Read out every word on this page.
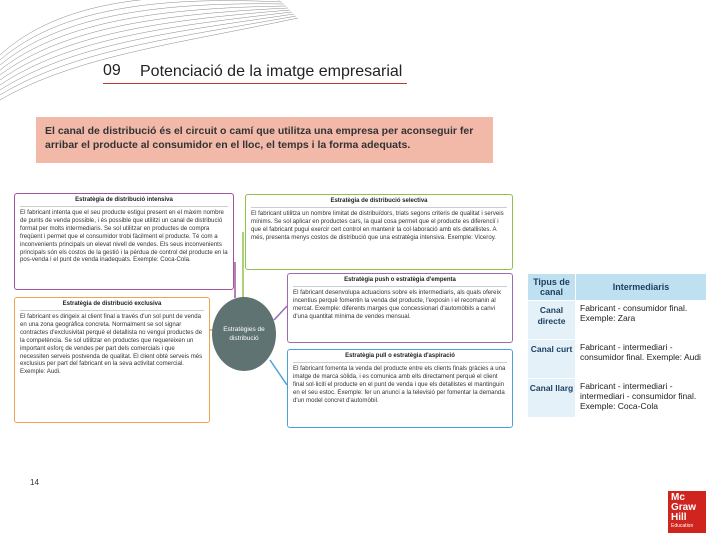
09 Potenciació de la imatge empresarial
El canal de distribució és el circuit o camí que utilitza una empresa per aconseguir fer arribar el producte al consumidor en el lloc, el temps i la forma adequats.
Estratègia de distribució intensiva
El fabricant intenta que el seu producte estigui present en el màxim nombre de punts de venda possible, i és possible que utilitzi un canal de distribució format per molts intermediaris. Se sol utilitzar en productes de compra freqüent i permet que el consumidor trobi fàcilment el producte. Té com a inconvenients principals un elevat nivell de vendes. Els seus inconvenients principals són els costos de la gestió i la pèrdua de control del producte en la pos-venda i el punt de venda inadequats. Exemple: Coca-Cola.
Estratègia de distribució selectiva
El fabricant utilitza un nombre limitat de distribuïdors, triats segons criteris de qualitat i serveis mínims. Se sol aplicar en productes cars, la qual cosa permet que el producte es diferenciï i que el fabricant pugui exercir cert control en mantenir la col·laboració amb els detallistes. A més, presenta menys costos de distribució que una estratègia intensiva. Exemple: Viceroy.
Estratègia de distribució exclusiva
El fabricant es dirigeix al client final a través d'un sol punt de venda en una zona geogràfica concreta. Normalment se sol signar contractes d'exclusivitat perquè el detallista no vengui productes de la competència. Se sol utilitzar en productes que requereixen un important esforç de vendes per part dels comercials i que necessiten serveis postvenda de qualitat. El client obté serveis més exclusius per part del fabricant en la seva activitat comercial. Exemple: Audi.
Estratègia push o estratègia d'empenta
El fabricant desenvolupa actuacions sobre els intermediaris, als quals ofereix incentius perquè fomentin la venda del producte, l'exposin i el recomanin al mercat. Exemple: diferents marges que concessionari d'automòbils a canvi d'una quantitat mínima de vendes mensual.
Estratègia pull o estratègia d'aspiració
El fabricant fomenta la venda del producte entre els clients finals gràcies a una imatge de marca sòlida, i es comunica amb ells directament perquè el client final sol·liciti el producte en el punt de venda i que els detallistes el mantinguin en el seu estoc. Exemple: fer un anunci a la televisió per fomentar la demanda d'un model concret d'automòbil.
Estratègies de distribució
Tipus de canal	Intermediaris
Canal directe	Fabricant - consumidor final. Exemple: Zara
Canal curt	Fabricant - intermediari - consumidor final. Exemple: Audi
Canal llarg	Fabricant - intermediari - intermediari - consumidor final. Exemple: Coca-Cola
14
Mc
Graw
Hill
Education
